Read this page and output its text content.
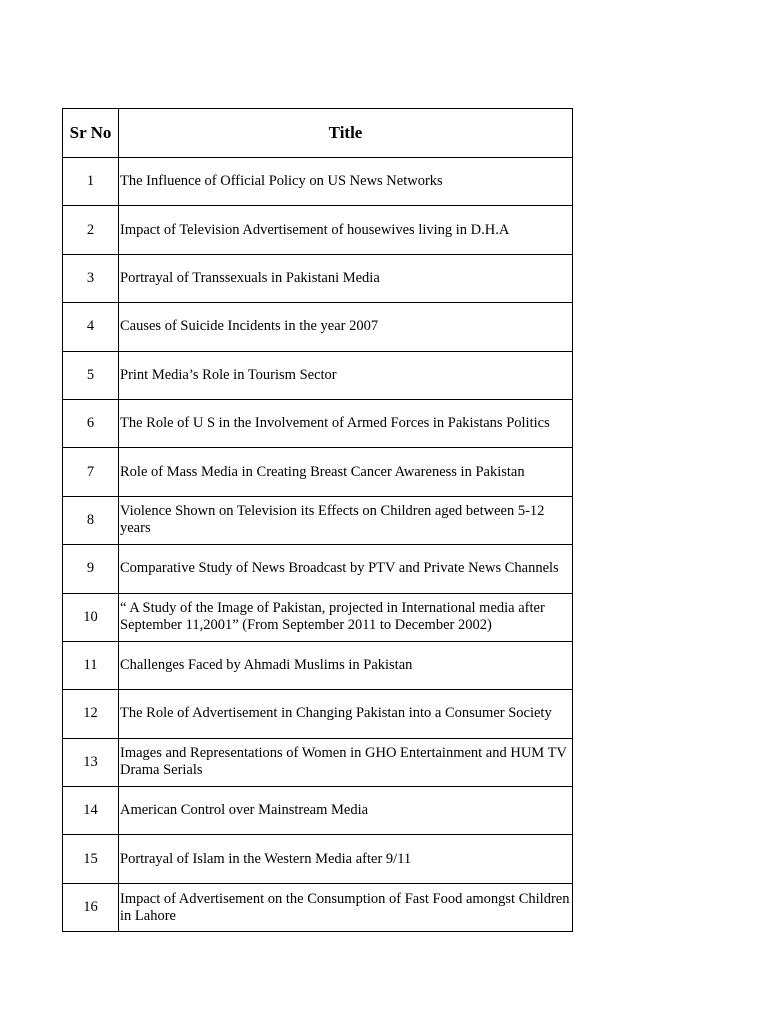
Sr No	Title
1	The Influence of Official Policy on US News Networks
2	Impact of Television Advertisement of housewives living in D.H.A
3	Portrayal of Transsexuals in Pakistani Media
4	Causes of Suicide Incidents in the year 2007
5	Print Media’s Role in Tourism Sector
6	The Role of U S in the Involvement of Armed Forces in Pakistans Politics
7	Role of Mass Media in Creating Breast Cancer Awareness in Pakistan
8	Violence Shown on Television its Effects on Children aged between 5-12 years
9	Comparative Study of News Broadcast by PTV and Private News Channels
10	“ A Study of the Image of Pakistan, projected in International media after September 11,2001” (From September 2011 to December 2002)
11	Challenges Faced by Ahmadi Muslims in Pakistan
12	The Role of Advertisement in Changing Pakistan into a Consumer Society
13	Images and Representations of Women in GHO Entertainment and HUM TV Drama Serials
14	American Control over Mainstream Media
15	Portrayal of Islam in the Western Media after 9/11
16	Impact of Advertisement on the Consumption of Fast Food amongst Children in Lahore
